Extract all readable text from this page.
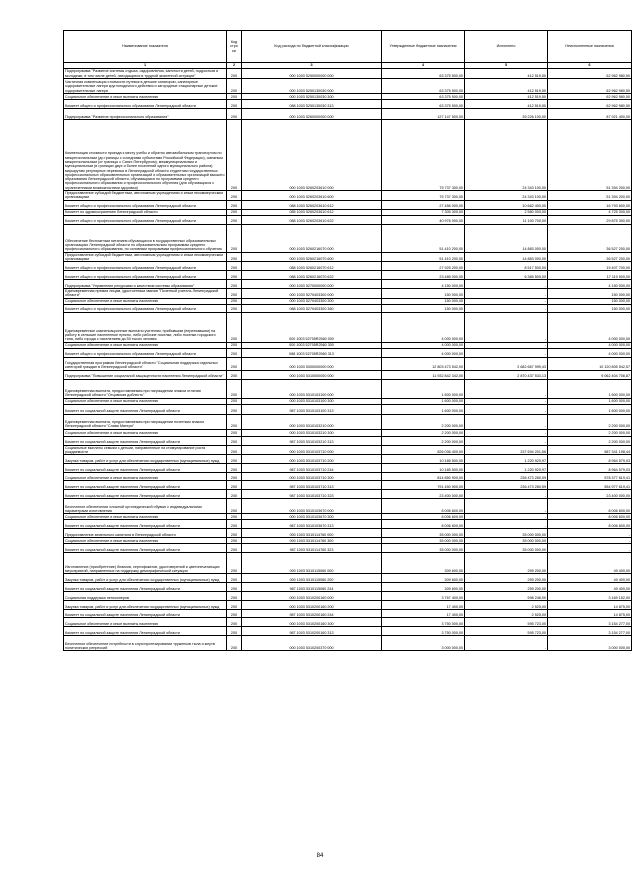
Наименование показателя	Код стро ки	Код расхода по бюджетной классификации	Утвержденные бюджетные назначения	Исполнено	Неисполненные назначения
1	2	3	4	5	6
Подпрограмма "Развитие системы отдыха, оздоровления, занятости детей, подростков и молодежи, в том числе детей, находящихся в трудной жизненной ситуации"	200	000 1003 5250000000 000	63 375 500,00	412 519,50	62 962 980,50
Частичная компенсация стоимости путевок в детские санатории, санаторные оздоровительные лагеря круглогодичного действия и загородные стационарные детские оздоровительные лагеря	200	000 1003 5250130030 000	63 375 500,00	412 519,50	62 962 980,50
Социальное обеспечение и иные выплаты населению	200	000 1003 5250130030 300	63 375 500,00	412 519,50	62 962 980,50
Комитет общего и профессионального образования Ленинградской области	200	088 1003 5250130030 313	63 375 500,00	412 519,50	62 962 980,50
Подпрограмма "Развитие профессионального образования"	200	000 1003 5260000000 000	127 147 500,00	39 226 100,00	87 921 400,00
Компенсация стоимости проезда к месту учебы и обратно автомобильным транспортом по межрегиональным (до границы с соседними субъектами Российской Федерации), смежным межрегиональным (от границы с Санкт-Петербургом), межмуниципальным и муниципальным (в границах двух и более поселений одного муниципального района) маршрутам регулярных перевозок в Ленинградской области студентам государственных профессиональных образовательных организаций и образовательных организаций высшего образования Ленинградской области, обучающимся по программам среднего профессионального образования и профессионального обучения (для обучающихся с ограниченными возможностями здоровья)	200	000 1003 5260203610 000	75 737 300,00	24 343 100,00	51 394 200,00
Предоставление субсидий бюджетным, автономным учреждениям и иным некоммерческим организациям	200	000 1003 5260203610 600	75 737 300,00	24 343 100,00	51 394 200,00
Комитет общего и профессионального образования Ленинградской области	200	088 1003 5260203610 612	27 456 000,00	10 662 400,00	16 793 600,00
Комитет по здравоохранению Ленинградской области	200	085 1003 5260203610 612	7 305 300,00	2 580 000,00	4 725 300,00
Комитет общего и профессионального образования Ленинградской области	200	088 1003 5260203610 622	40 976 000,00	11 100 700,00	29 875 300,00
Обеспечение бесплатным питанием обучающихся в государственных образовательных организациях Ленинградской области по образовательным программам среднего профессионального образования, по основным программам профессионального обучения	200	000 1003 5260216070 000	51 410 200,00	14 883 000,00	36 527 200,00
Предоставление субсидий бюджетным, автономным учреждениям и иным некоммерческим организациям	200	000 1003 5260216070 600	51 410 200,00	14 883 000,00	36 527 200,00
Комитет общего и профессионального образования Ленинградской области	200	088 1003 5260216070 612	27 925 200,00	8 517 500,00	19 407 700,00
Комитет общего и профессионального образования Ленинградской области	200	088 1003 5260216070 622	23 485 000,00	6 365 500,00	17 119 500,00
Подпрограмма "Управление ресурсами и качеством системы образования"	200	000 1003 5270000000 000	4 150 000,00	-	4 150 000,00
Единовременная премия лицам, удостоенным звания "Почетный учитель Ленинградской области"	200	000 1003 5270403300 000	150 000,00	-	150 000,00
Социальное обеспечение и иные выплаты населению	200	000 1003 5270403300 300	150 000,00	-	150 000,00
Комитет общего и профессионального образования Ленинградской области	200	088 1003 5270403300 360	150 000,00	-	150 000,00
Единовременные компенсационные выплаты учителям, прибывшим (переехавшим) на работу в сельские населенные пункты, либо рабочие поселки, либо поселки городского типа, либо города с населением до 50 тысяч человек	200	000 1003 52705R2560 000	4 000 000,00	-	4 000 000,00
Социальное обеспечение и иные выплаты населению	200	000 1003 52705R2560 300	4 000 000,00	-	4 000 000,00
Комитет общего и профессионального образования Ленинградской области	200	088 1003 52705R2560 313	4 000 000,00	-	4 000 000,00
Государственная программа Ленинградской области "Социальная поддержка отдельных категорий граждан в Ленинградской области"	200	000 1003 5300000000 000	12 803 473 542,00	2 682 667 999,43	10 120 805 542,57
Подпрограмма "Повышение социальной защищенности населения Ленинградской области"	200	000 1003 5310000000 000	11 932 842 342,00	2 870 437 533,13	9 062 404 708,87
Единовременная выплата, предоставляемая при награждении знаком отличия Ленинградской области "Отцовская доблесть"	200	000 1003 5310103100 000	1 600 000,00	-	1 600 000,00
Социальное обеспечение и иные выплаты населению	200	000 1003 5310103100 300	1 600 000,00	-	1 600 000,00
Комитет по социальной защите населения Ленинградской области	200	987 1003 5310103100 313	1 600 000,00	-	1 600 000,00
Единовременная выплата, предоставляемая при награждении почетным знаком Ленинградской области "Слава Матери"	200	000 1003 5310103210 000	2 200 000,00	-	2 200 000,00
Социальное обеспечение и иные выплаты населению	200	000 1003 5310103210 300	2 200 000,00	-	2 200 000,00
Комитет по социальной защите населения Ленинградской области	200	987 1003 5310103210 313	2 200 000,00	-	2 200 000,00
Социальные выплаты семьям с детьми, направленные на стимулирование роста рождаемости	200	000 1003 5310103710 000	826 036 400,00	237 694 201,56	587 341 198,44
Закупка товаров, работ и услуг для обеспечения государственных (муниципальных) нужд	200	000 1003 5310103710 200	10 185 500,00	1 220 920,97	8 964 579,03
Комитет по социальной защите населения Ленинградской области	200	987 1003 5310103710 244	10 185 500,00	1 220 920,97	8 964 579,03
Социальное обеспечение и иные выплаты населению	200	000 1003 5310103710 300	814 850 900,00	236 473 280,59	578 377 619,41
Комитет по социальной защите населения Ленинградской области	200	987 1003 5310103710 313	791 450 900,00	236 473 280,59	554 977 619,41
Комитет по социальной защите населения Ленинградской области	200	987 1003 5310103710 323	23 400 000,00	-	23 400 000,00
Бесплатное обеспечение сложной ортопедической обувью с индивидуальными параметрами изготовления	200	000 1003 5310103670 000	8 006 600,00	-	8 006 600,00
Социальное обеспечение и иные выплаты населению	200	000 1003 5310103670 300	8 006 600,00	-	8 006 600,00
Комитет по социальной защите населения Ленинградской области	200	987 1003 5310103670 313	8 006 600,00	-	8 006 600,00
Предоставление земельного капитала в Ленинградской области	200	000 1003 5310114760 000	35 000 000,00	35 000 000,00	-
Социальное обеспечение и иные выплаты населению	200	000 1003 5310114760 300	35 000 000,00	35 000 000,00	-
Комитет по социальной защите населения Ленинградской области	200	987 1003 5310114760 323	35 000 000,00	35 000 000,00	-
Изготовление (приобретение) бланков, сертификатов, удостоверений и цветопечатающих мероприятий, направленных на поддержку демографической ситуации	200	000 1003 5310115060 000	309 600,00	259 200,00	49 400,00
Закупка товаров, работ и услуг для обеспечения государственных (муниципальных) нужд	200	000 1003 5310115060 200	309 600,00	259 200,00	49 400,00
Комитет по социальной защите населения Ленинградской области	200	987 1003 5310115060 244	309 600,00	259 200,00	49 400,00
Социальная поддержка пенсионеров	200	000 1003 5310200160 000	3 767 400,00	598 248,00	3 169 152,00
Закупка товаров, работ и услуг для обеспечения государственных (муниципальных) нужд	200	000 1003 5310200160 200	17 400,00	2 525,00	14 875,00
Комитет по социальной защите населения Ленинградской области	200	987 1003 5310200160 244	17 400,00	2 525,00	14 875,00
Социальное обеспечение и иные выплаты населению	200	000 1003 5310200160 300	3 750 000,00	595 723,00	3 154 277,00
Комитет по социальной защите населения Ленинградской области	200	987 1003 5310200160 313	3 750 000,00	595 723,00	3 154 277,00
Бесплатное обеспечение потребности в слухопротезировании труженков тыла и жертв политических репрессий	200	000 1003 5310200370 000	3 000 000,00	-	3 000 000,00
84
